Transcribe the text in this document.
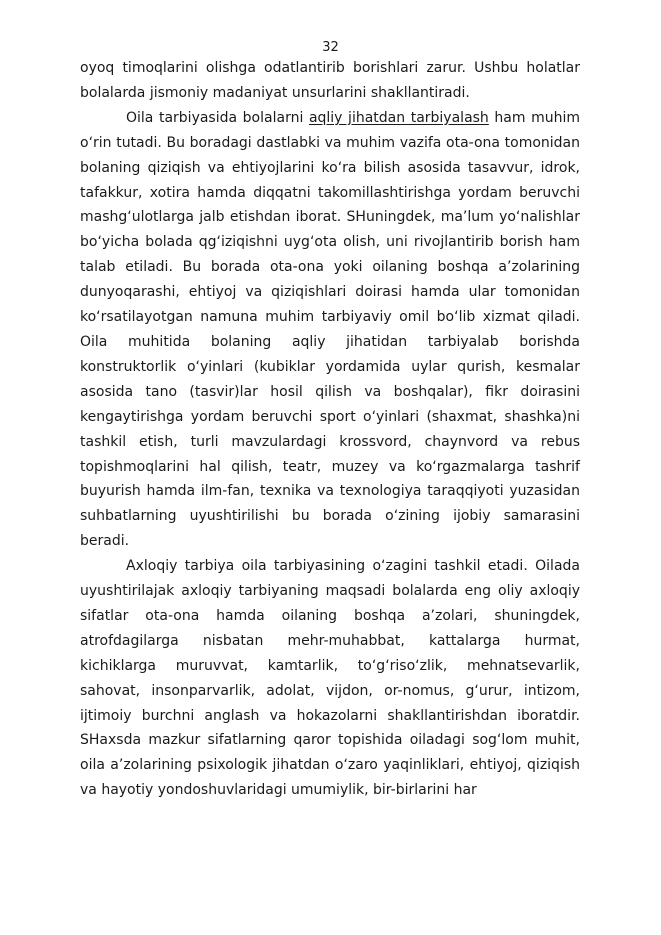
32

oyoq timoqlarini olishga odatlantirib borishlari zarur. Ushbu holatlar bolalarda jismoniy madaniyat unsurlarini shakllantiradi.

Oila tarbiyasida bolalarni aqliy jihatdan tarbiyalash ham muhim o‘rin tutadi. Bu boradagi dastlabki va muhim vazifa ota-ona tomonidan bolaning qiziqish va ehtiyojlarini ko‘ra bilish asosida tasavvur, idrok, tafakkur, xotira hamda diqqatni takomillashtirishga yordam beruvchi mashg‘ulotlarga jalb etishdan iborat. SHuningdek, ma’lum yo‘nalishlar bo‘yicha bolada qg‘iziqishni uyg‘ota olish, uni rivojlantirib borish ham talab etiladi. Bu borada ota-ona yoki oilaning boshqa a’zolarining dunyoqarashi, ehtiyoj va qiziqishlari doirasi hamda ular tomonidan ko‘rsatilayotgan namuna muhim tarbiyaviy omil bo‘lib xizmat qiladi. Oila muhitida bolaning aqliy jihatidan tarbiyalab borishda konstruktorlik o‘yinlari (kubiklar yordamida uylar qurish, kesmalar asosida tano (tasvir)lar hosil qilish va boshqalar), fikr doirasini kengaytirishga yordam beruvchi sport o‘yinlari (shaxmat, shashka)ni tashkil etish, turli mavzulardagi krossvord, chaynvord va rebus topishmoqlarini hal qilish, teatr, muzey va ko‘rgazmalarga tashrif buyurish hamda ilm-fan, texnika va texnologiya taraqqiyoti yuzasidan suhbatlarning uyushtirilishi bu borada o‘zining ijobiy samarasini beradi.

Axloqiy tarbiya oila tarbiyasining o‘zagini tashkil etadi. Oilada uyushtirilajak axloqiy tarbiyaning maqsadi bolalarda eng oliy axloqiy sifatlar ota-ona hamda oilaning boshqa a’zolari, shuningdek, atrofdagilarga nisbatan mehr-muhabbat, kattalarga hurmat, kichiklarga muruvvat, kamtarlik, to‘g‘riso‘zlik, mehnatsevarlik, sahovat, insonparvarlik, adolat, vijdon, or-nomus, g‘urur, intizom, ijtimoiy burchni anglash va hokazolarni shakllantirishdan iboratdir. SHaxsda mazkur sifatlarning qaror topishida oiladagi sog‘lom muhit, oila a’zolarining psixologik jihatdan o‘zaro yaqinliklari, ehtiyoj, qiziqish va hayotiy yondoshuvlaridagi umumiylik, bir-birlarini har
